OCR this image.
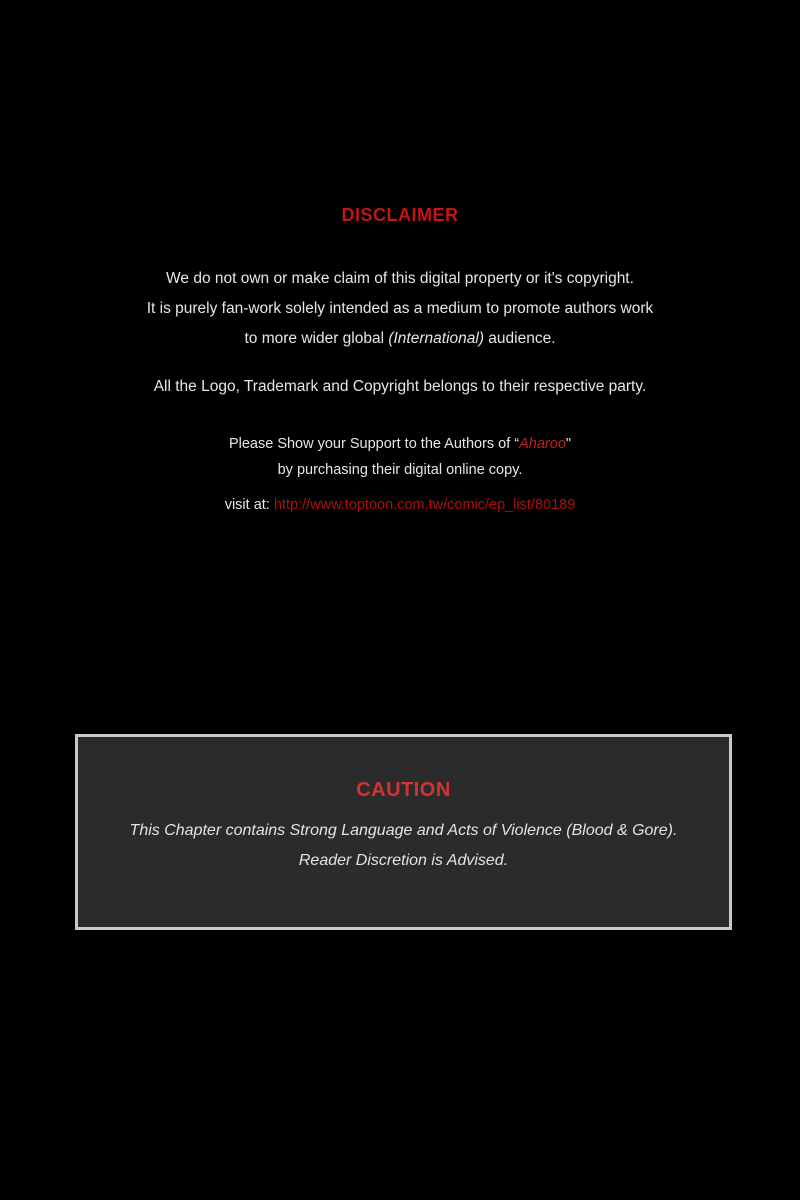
DISCLAIMER
We do not own or make claim of this digital property or it's copyright.
It is purely fan-work solely intended as a medium to promote authors work
to more wider global (International) audience.
All the Logo, Trademark and Copyright belongs to their respective party.
Please Show your Support to the Authors of “Aharoo"
by purchasing their digital online copy.
visit at: http://www.toptoon.com.tw/comic/ep_list/80189
CAUTION
This Chapter contains Strong Language and Acts of Violence (Blood & Gore).
Reader Discretion is Advised.
